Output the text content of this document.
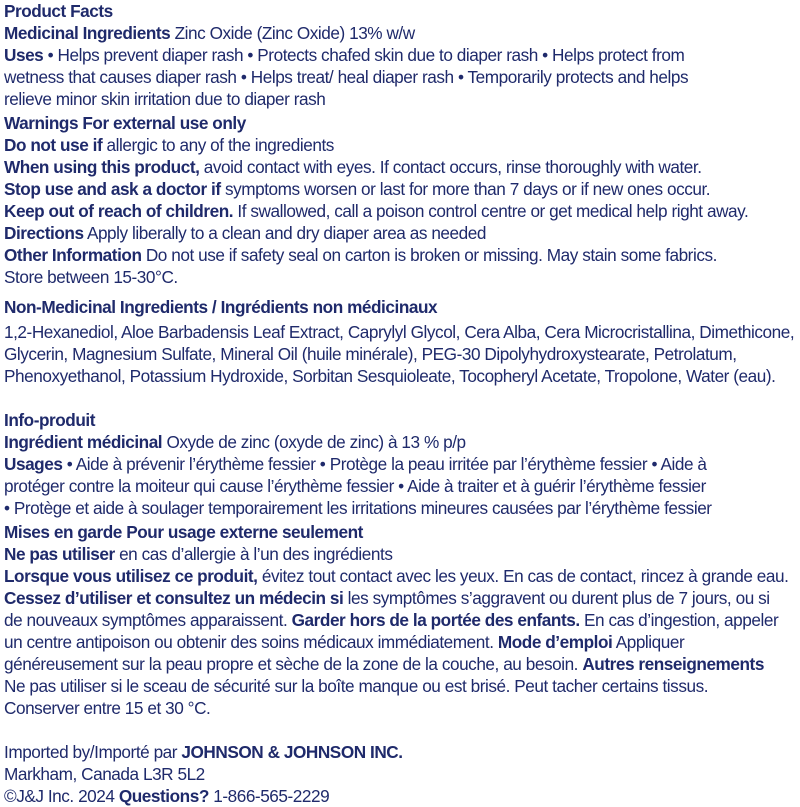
Product Facts

Medicinal Ingredients Zinc Oxide (Zinc Oxide) 13% w/w

Uses • Helps prevent diaper rash • Protects chafed skin due to diaper rash • Helps protect from

wetness that causes diaper rash • Helps treat/ heal diaper rash • Temporarily protects and helps

relieve minor skin irritation due to diaper rash

Warnings For external use only

Do not use if allergic to any of the ingredients

When using this product, avoid contact with eyes. If contact occurs, rinse thoroughly with water.

Stop use and ask a doctor if symptoms worsen or last for more than 7 days or if new ones occur.

Keep out of reach of children. If swallowed, call a poison control centre or get medical help right away.

Directions Apply liberally to a clean and dry diaper area as needed

Other Information Do not use if safety seal on carton is broken or missing. May stain some fabrics.

Store between 15-30°C.

Non-Medicinal Ingredients / Ingrédients non médicinaux

1,2-Hexanediol, Aloe Barbadensis Leaf Extract, Caprylyl Glycol, Cera Alba, Cera Microcristallina, Dimethicone,

Glycerin, Magnesium Sulfate, Mineral Oil (huile minérale), PEG-30 Dipolyhydroxystearate, Petrolatum,

Phenoxyethanol, Potassium Hydroxide, Sorbitan Sesquioleate, Tocopheryl Acetate, Tropolone, Water (eau).

Info-produit

Ingrédient médicinal Oxyde de zinc (oxyde de zinc) à 13 % p/p

Usages • Aide à prévenir l’érythème fessier • Protège la peau irritée par l’érythème fessier • Aide à

protéger contre la moiteur qui cause l’érythème fessier • Aide à traiter et à guérir l’érythème fessier

• Protège et aide à soulager temporairement les irritations mineures causées par l’érythème fessier

Mises en garde Pour usage externe seulement

Ne pas utiliser en cas d’allergie à l’un des ingrédients

Lorsque vous utilisez ce produit, évitez tout contact avec les yeux. En cas de contact, rincez à grande eau.

Cessez d’utiliser et consultez un médecin si les symptômes s’aggravent ou durent plus de 7 jours, ou si

de nouveaux symptômes apparaissent. Garder hors de la portée des enfants. En cas d’ingestion, appeler

un centre antipoison ou obtenir des soins médicaux immédiatement. Mode d’emploi Appliquer

généreusement sur la peau propre et sèche de la zone de la couche, au besoin. Autres renseignements

Ne pas utiliser si le sceau de sécurité sur la boîte manque ou est brisé. Peut tacher certains tissus.

Conserver entre 15 et 30 °C.

Imported by/Importé par JOHNSON & JOHNSON INC.

Markham, Canada L3R 5L2

©J&J Inc. 2024 Questions? 1-866-565-2229
